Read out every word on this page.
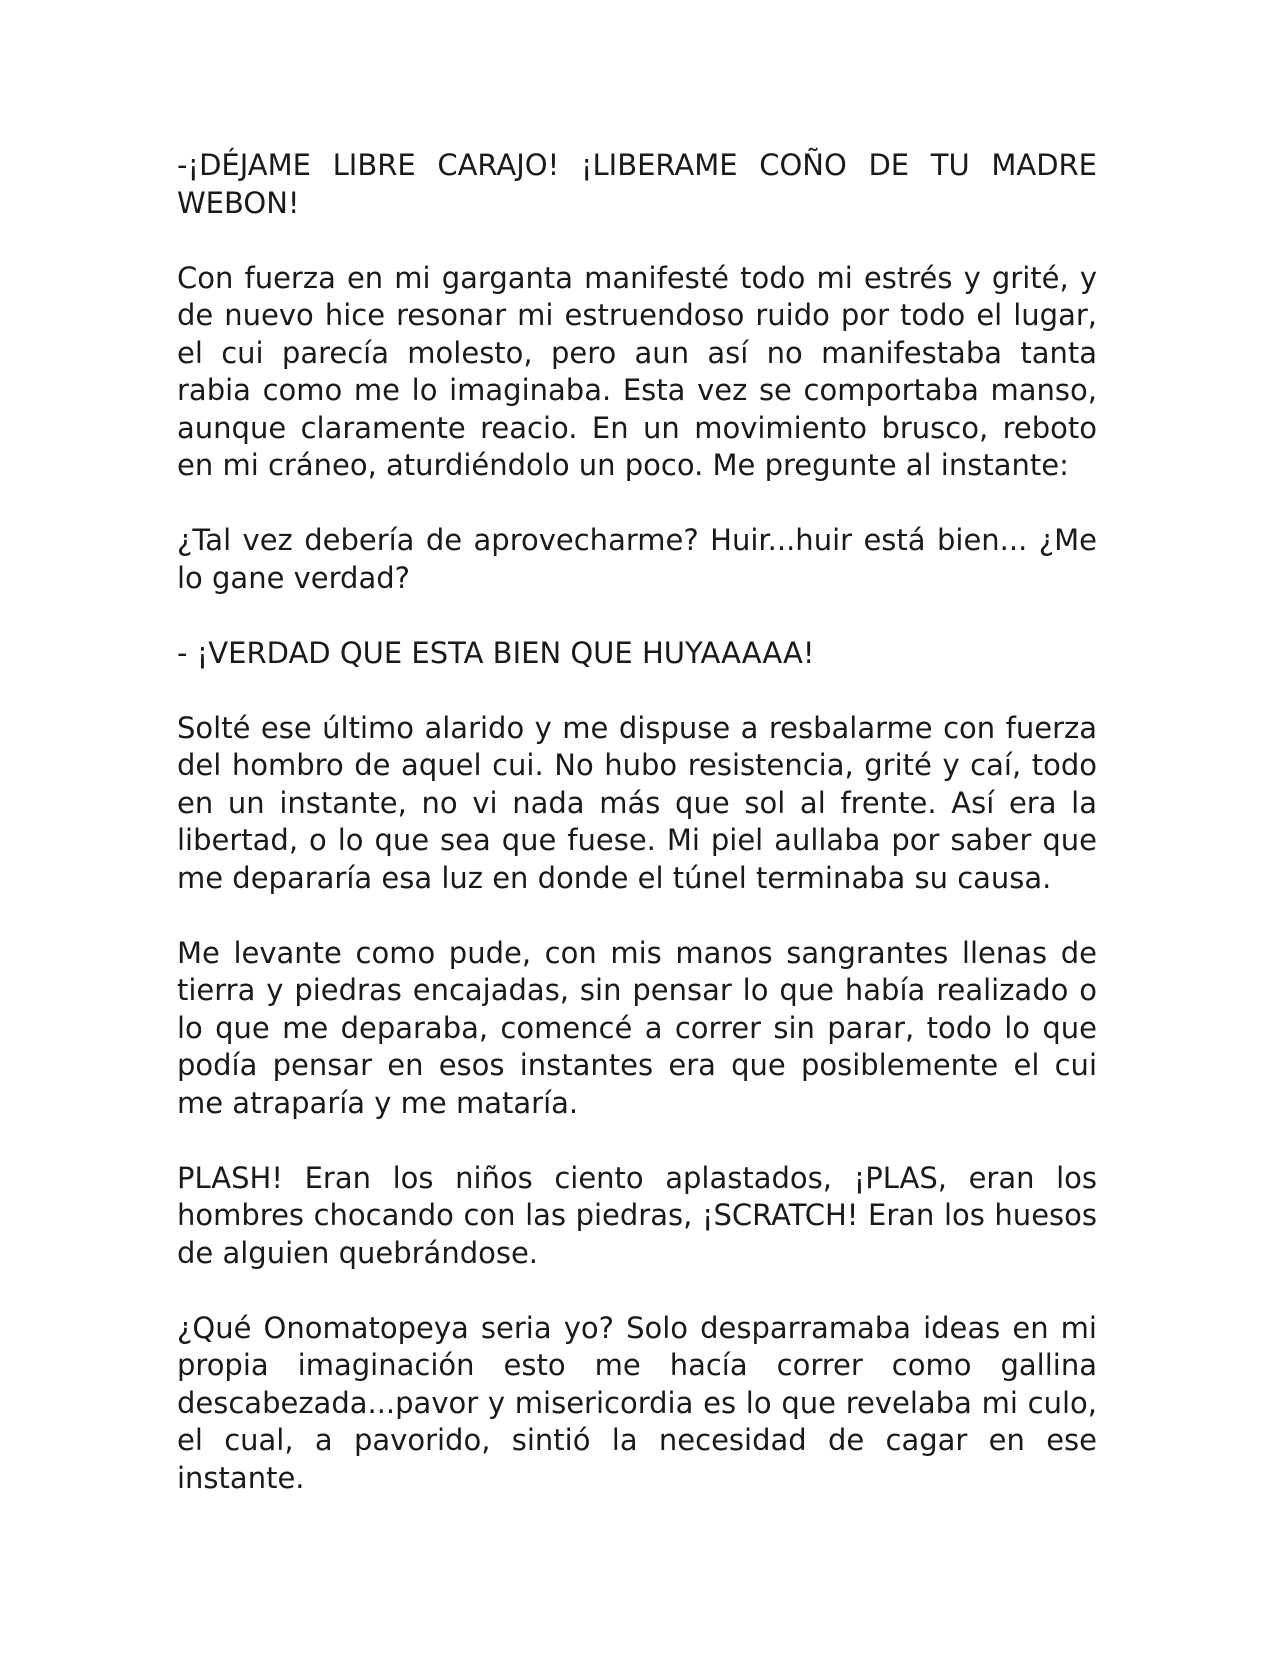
-¡DÉJAME LIBRE CARAJO! ¡LIBERAME COÑO DE TU MADRE WEBON!

Con fuerza en mi garganta manifesté todo mi estrés y grité, y de nuevo hice resonar mi estruendoso ruido por todo el lugar, el cui parecía molesto, pero aun así no manifestaba tanta rabia como me lo imaginaba. Esta vez se comportaba manso, aunque claramente reacio. En un movimiento brusco, reboto en mi cráneo, aturdiéndolo un poco. Me pregunte al instante:

¿Tal vez debería de aprovecharme? Huir...huir está bien... ¿Me lo gane verdad?

- ¡VERDAD QUE ESTA BIEN QUE HUYAAAAA!

Solté ese último alarido y me dispuse a resbalarme con fuerza del hombro de aquel cui. No hubo resistencia, grité y caí, todo en un instante, no vi nada más que sol al frente. Así era la libertad, o lo que sea que fuese. Mi piel aullaba por saber que me depararía esa luz en donde el túnel terminaba su causa.

Me levante como pude, con mis manos sangrantes llenas de tierra y piedras encajadas, sin pensar lo que había realizado o lo que me deparaba, comencé a correr sin parar, todo lo que podía pensar en esos instantes era que posiblemente el cui me atraparía y me mataría.

PLASH! Eran los niños ciento aplastados, ¡PLAS, eran los hombres chocando con las piedras, ¡SCRATCH! Eran los huesos de alguien quebrándose.

¿Qué Onomatopeya seria yo? Solo desparramaba ideas en mi propia imaginación esto me hacía correr como gallina descabezada...pavor y misericordia es lo que revelaba mi culo, el cual, a pavorido, sintió la necesidad de cagar en ese instante.
